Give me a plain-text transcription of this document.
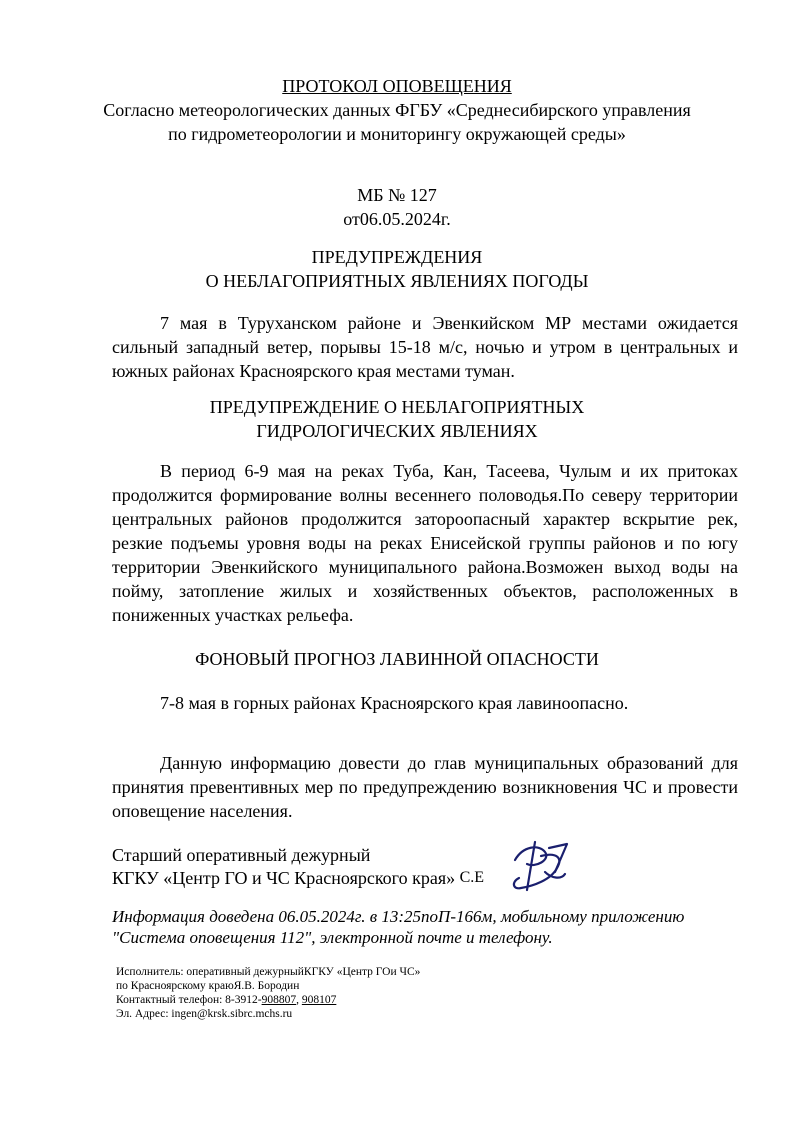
ПРОТОКОЛ ОПОВЕЩЕНИЯ
Согласно метеорологических данных ФГБУ «Среднесибирского управления
по гидрометеорологии и мониторингу окружающей среды»
МБ № 127
от06.05.2024г.
ПРЕДУПРЕЖДЕНИЯ
О НЕБЛАГОПРИЯТНЫХ ЯВЛЕНИЯХ ПОГОДЫ
7 мая в Туруханском районе и Эвенкийском МР местами ожидается сильный западный ветер, порывы 15-18 м/с, ночью и утром в центральных и южных районах Красноярского края местами туман.
ПРЕДУПРЕЖДЕНИЕ О НЕБЛАГОПРИЯТНЫХ
ГИДРОЛОГИЧЕСКИХ ЯВЛЕНИЯХ
В период 6-9 мая на реках Туба, Кан, Тасеева, Чулым и их притоках продолжится формирование волны весеннего половодья.По северу территории центральных районов продолжится затороопасный характер вскрытие рек, резкие подъемы уровня воды на реках Енисейской группы районов и по югу территории Эвенкийского муниципального района.Возможен выход воды на пойму, затопление жилых и хозяйственных объектов, расположенных в пониженных участках рельефа.
ФОНОВЫЙ ПРОГНОЗ ЛАВИННОЙ ОПАСНОСТИ
7-8 мая в горных районах Красноярского края лавиноопасно.
Данную информацию довести до глав муниципальных образований для принятия превентивных мер по предупреждению возникновения ЧС и провести оповещение населения.
Старший оперативный дежурный
КГКУ «Центр ГО и ЧС Красноярского края» С.Е
Информация доведена 06.05.2024г. в 13:25поП-166м, мобильному приложению "Система оповещения 112", электронной почте и телефону.
Исполнитель: оперативный дежурныйКГКУ «Центр ГОи ЧС»
по Красноярскому краюЯ.В. Бородин
Контактный телефон: 8-3912-908807, 908107
Эл. Адрес: ingen@krsk.sibrc.mchs.ru
